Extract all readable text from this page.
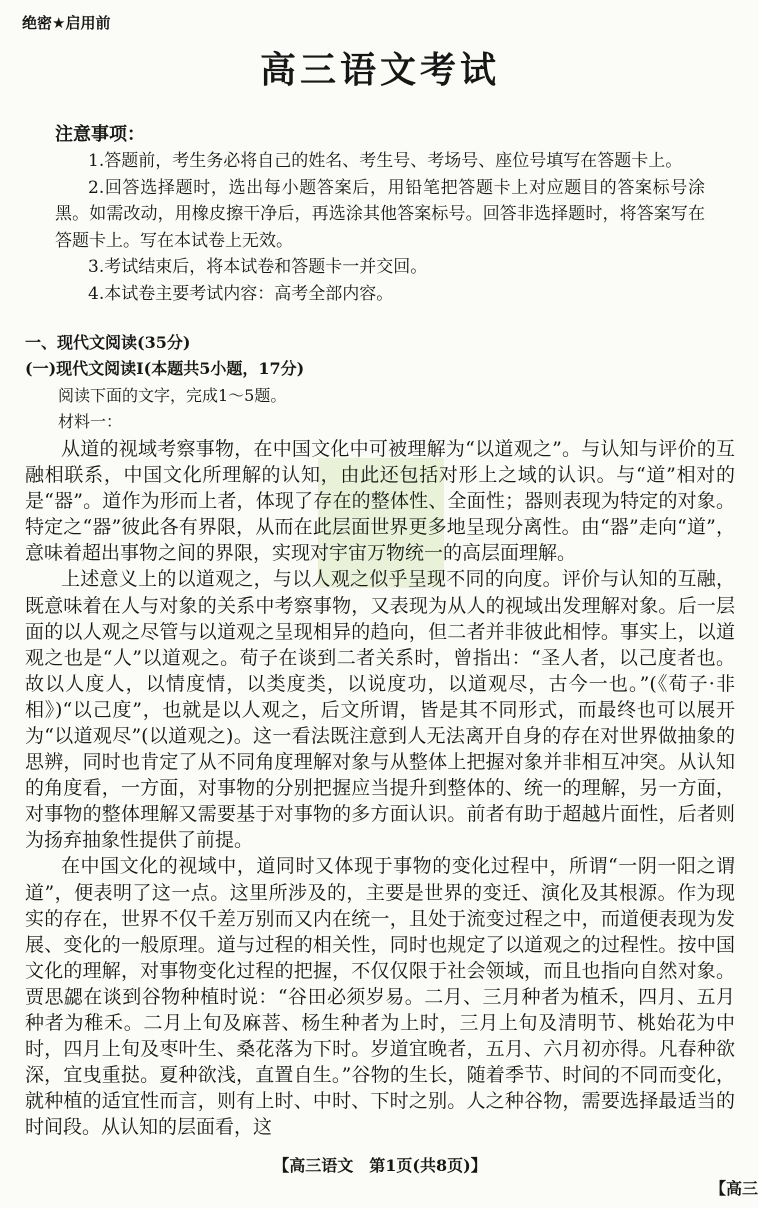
绝密★启用前
高三语文考试
注意事项：
1.答题前，考生务必将自己的姓名、考生号、考场号、座位号填写在答题卡上。
2.回答选择题时，选出每小题答案后，用铅笔把答题卡上对应题目的答案标号涂黑。如需改动，用橡皮擦干净后，再选涂其他答案标号。回答非选择题时，将答案写在答题卡上。写在本试卷上无效。
3.考试结束后，将本试卷和答题卡一并交回。
4.本试卷主要考试内容：高考全部内容。
一、现代文阅读(35分)
(一)现代文阅读Ⅰ(本题共5小题，17分)
阅读下面的文字，完成1～5题。
材料一：
从道的视域考察事物，在中国文化中可被理解为“以道观之”。与认知与评价的互融相联系，中国文化所理解的认知，由此还包括对形上之域的认识。与“道”相对的是“器”。道作为形而上者，体现了存在的整体性、全面性；器则表现为特定的对象。特定之“器”彼此各有界限，从而在此层面世界更多地呈现分离性。由“器”走向“道”，意味着超出事物之间的界限，实现对宇宙万物统一的高层面理解。
上述意义上的以道观之，与以人观之似乎呈现不同的向度。评价与认知的互融，既意味着在人与对象的关系中考察事物，又表现为从人的视域出发理解对象。后一层面的以人观之尽管与以道观之呈现相异的趋向，但二者并非彼此相悖。事实上，以道观之也是“人”以道观之。荀子在谈到二者关系时，曾指出：“圣人者，以己度者也。故以人度人，以情度情，以类度类，以说度功，以道观尽，古今一也。”(《荀子·非相》)“以己度”，也就是以人观之，后文所谓，皆是其不同形式，而最终也可以展开为“以道观尽”(以道观之)。这一看法既注意到人无法离开自身的存在对世界做抽象的思辨，同时也肯定了从不同角度理解对象与从整体上把握对象并非相互冲突。从认知的角度看，一方面，对事物的分别把握应当提升到整体的、统一的理解，另一方面，对事物的整体理解又需要基于对事物的多方面认识。前者有助于超越片面性，后者则为扬弃抽象性提供了前提。
在中国文化的视域中，道同时又体现于事物的变化过程中，所谓“一阴一阳之谓道”，便表明了这一点。这里所涉及的，主要是世界的变迁、演化及其根源。作为现实的存在，世界不仅千差万别而又内在统一，且处于流变过程之中，而道便表现为发展、变化的一般原理。道与过程的相关性，同时也规定了以道观之的过程性。按中国文化的理解，对事物变化过程的把握，不仅仅限于社会领域，而且也指向自然对象。贾思勰在谈到谷物种植时说：“谷田必须岁易。二月、三月种者为植禾，四月、五月种者为稚禾。二月上旬及麻菩、杨生种者为上时，三月上旬及清明节、桃始花为中时，四月上旬及枣叶生、桑花落为下时。岁道宜晚者，五月、六月初亦得。凡春种欲深，宜曳重挞。夏种欲浅，直置自生。”谷物的生长，随着季节、时间的不同而变化，就种植的适宜性而言，则有上时、中时、下时之别。人之种谷物，需要选择最适当的时间段。从认知的层面看，这
【高三语文　第1页(共8页)】
【高三
